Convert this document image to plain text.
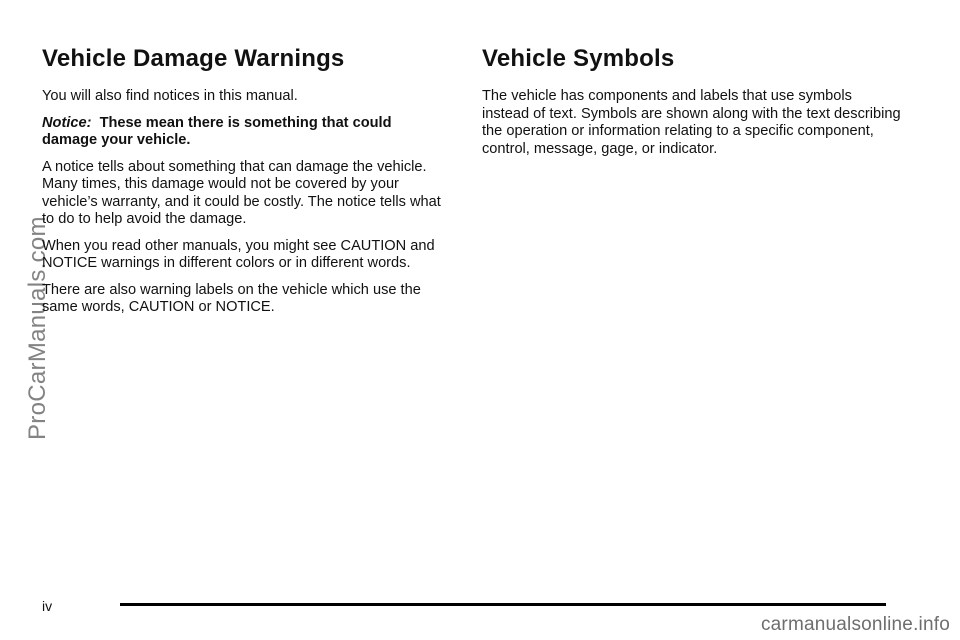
ProCarManuals.com
Vehicle Damage Warnings

You will also find notices in this manual.

Notice: These mean there is something that could damage your vehicle.

A notice tells about something that can damage the vehicle. Many times, this damage would not be covered by your vehicle’s warranty, and it could be costly. The notice tells what to do to help avoid the damage.

When you read other manuals, you might see CAUTION and NOTICE warnings in different colors or in different words.

There are also warning labels on the vehicle which use the same words, CAUTION or NOTICE.

Vehicle Symbols

The vehicle has components and labels that use symbols instead of text. Symbols are shown along with the text describing the operation or information relating to a specific component, control, message, gage, or indicator.

iv
carmanualsonline.info
